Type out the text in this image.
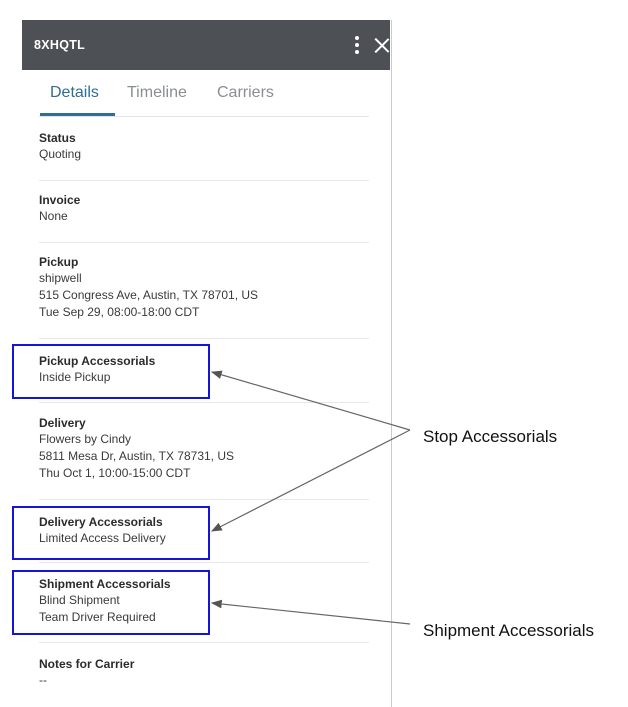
8XHQTL
Details Timeline Carriers
Status
Quoting
Invoice
None
Pickup
shipwell
515 Congress Ave, Austin, TX 78701, US
Tue Sep 29, 08:00-18:00 CDT
Pickup Accessorials
Inside Pickup
Delivery
Flowers by Cindy
5811 Mesa Dr, Austin, TX 78731, US
Thu Oct 1, 10:00-15:00 CDT
Delivery Accessorials
Limited Access Delivery
Shipment Accessorials
Blind Shipment
Team Driver Required
Notes for Carrier
--
Stop Accessorials
Shipment Accessorials
